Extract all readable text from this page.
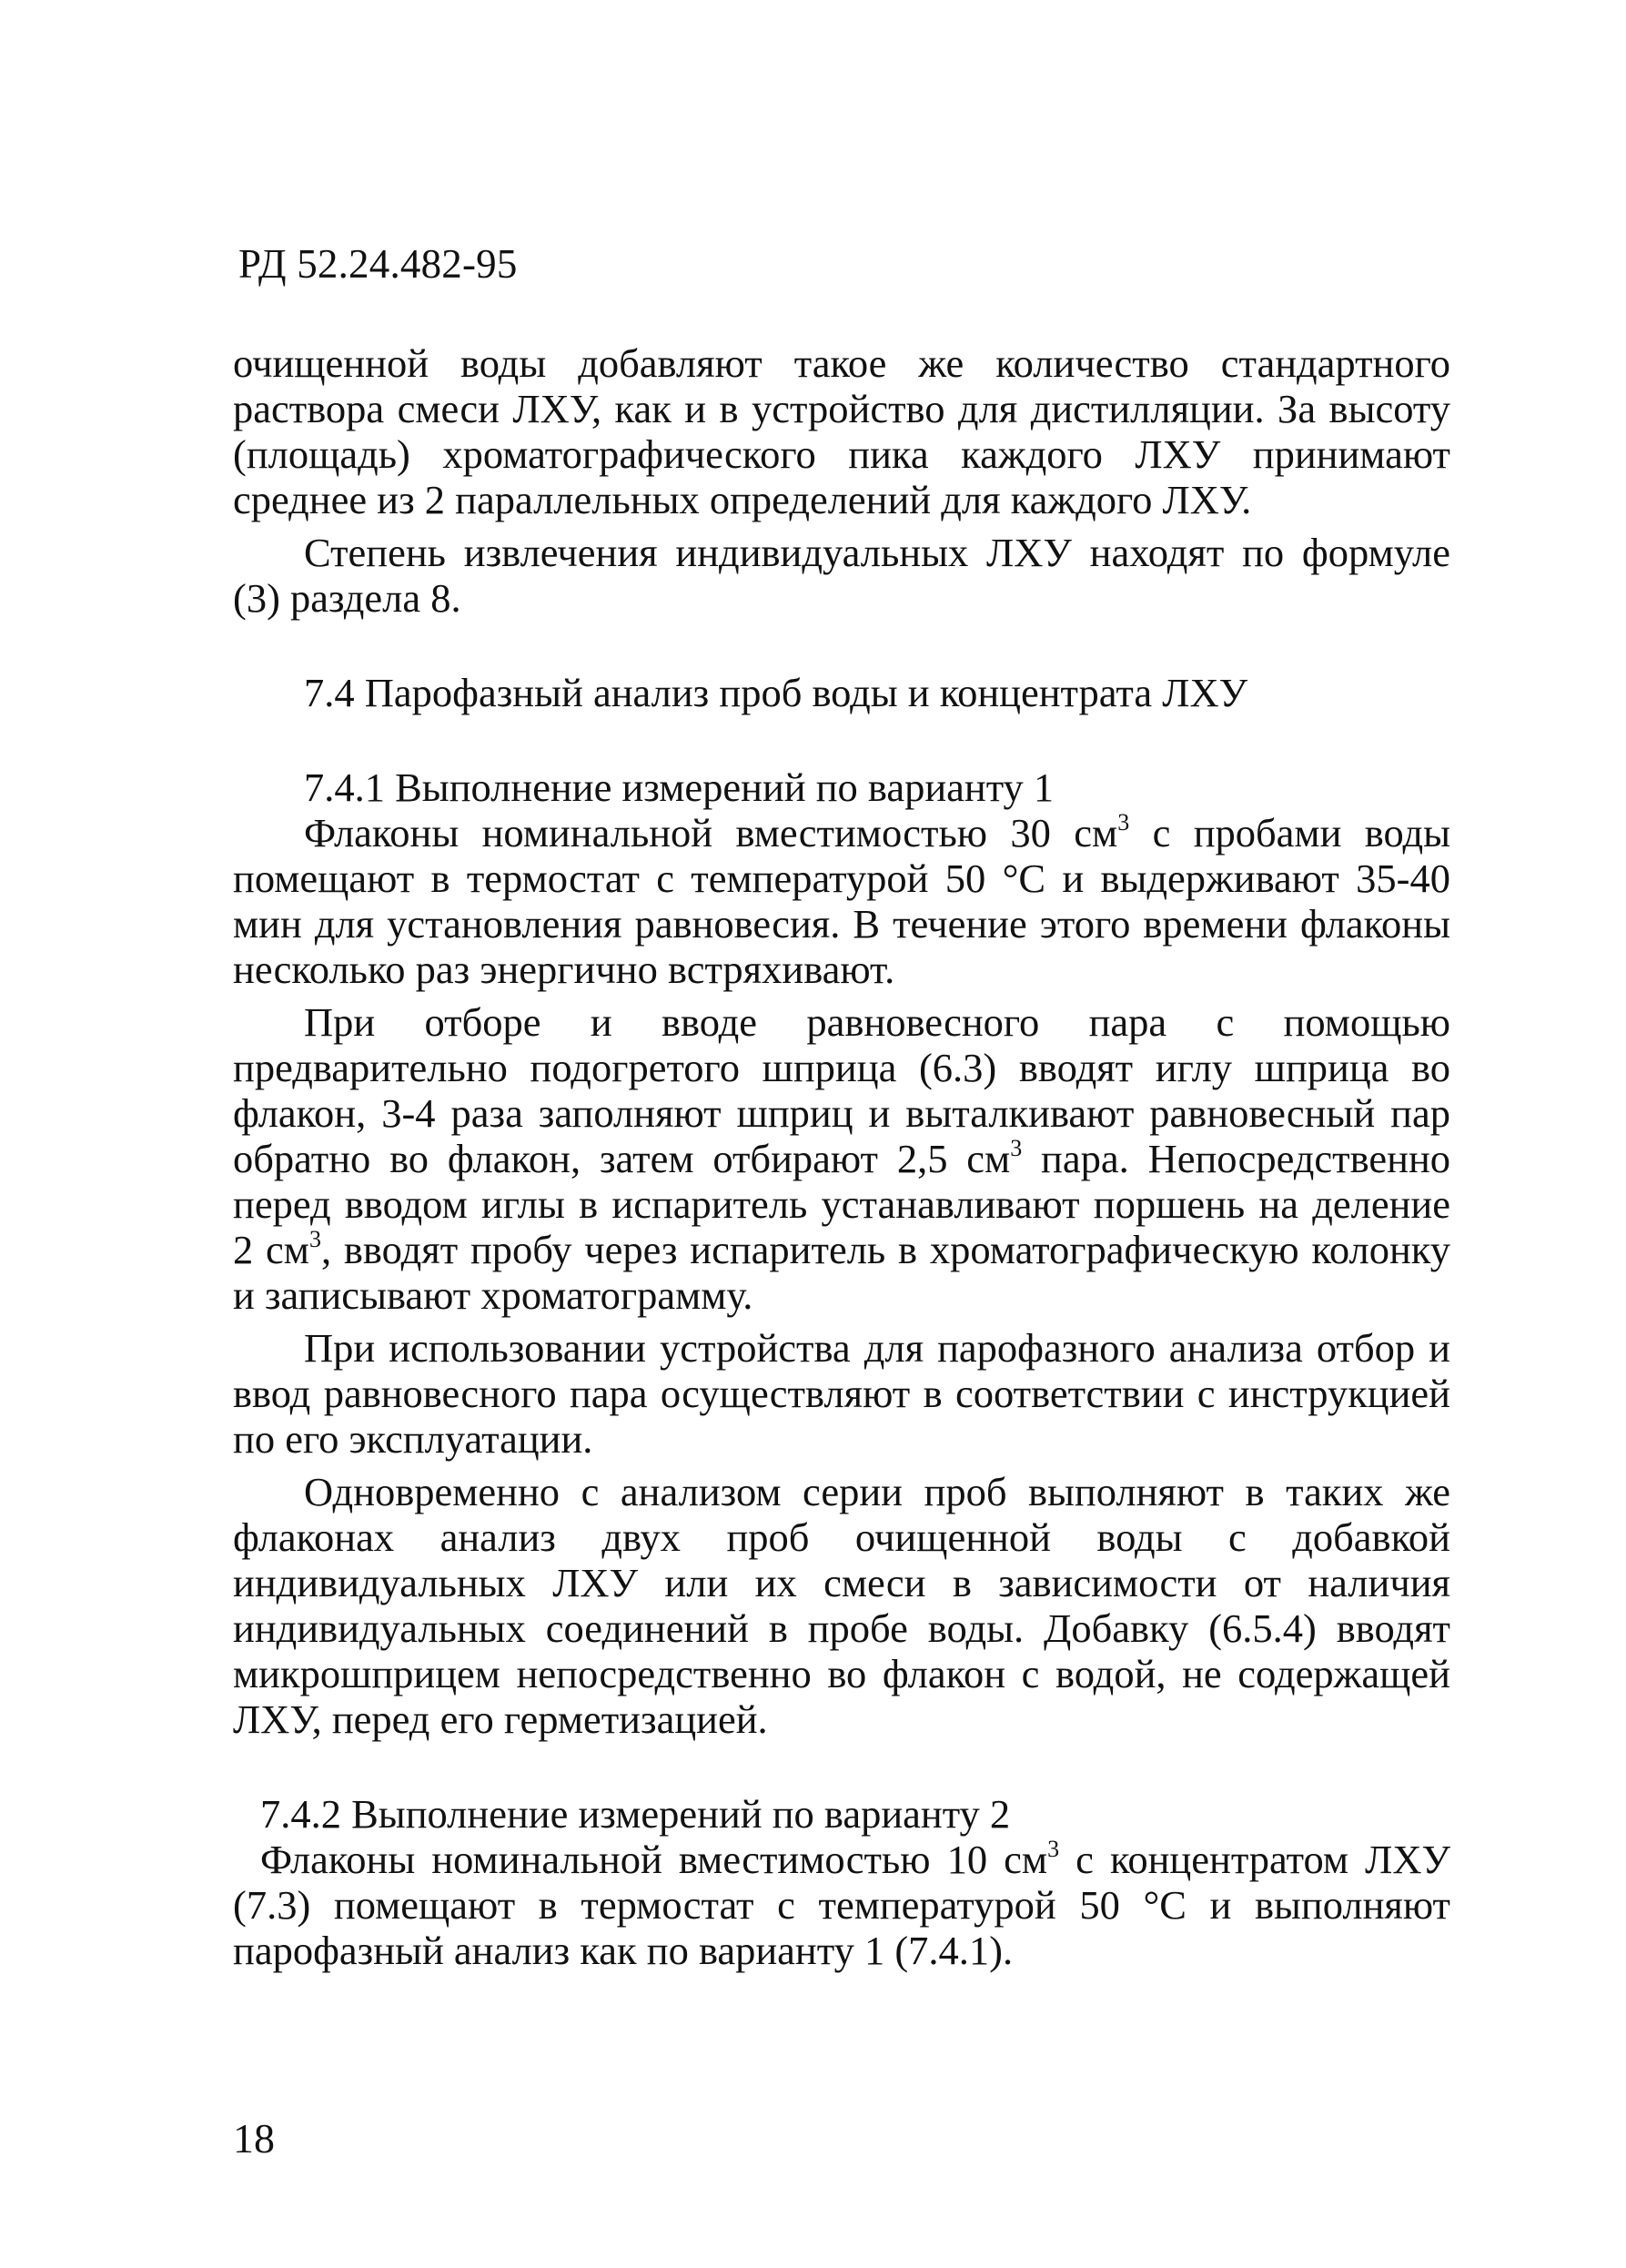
РД 52.24.482-95

очищенной воды добавляют такое же количество стандартного раствора смеси ЛХУ, как и в устройство для дистилляции. За высоту (площадь) хроматографического пика каждого ЛХУ принимают среднее из 2 параллельных определений для каждого ЛХУ.

Степень извлечения индивидуальных ЛХУ находят по формуле (3) раздела 8.

7.4 Парофазный анализ проб воды и концентрата ЛХУ

7.4.1 Выполнение измерений по варианту 1

Флаконы номинальной вместимостью 30 $см^3$ с пробами воды помещают в термостат с температурой 50 °С и выдерживают 35-40 мин для установления равновесия. В течение этого времени флаконы несколько раз энергично встряхивают.

При отборе и вводе равновесного пара с помощью предварительно подогретого шприца (6.3) вводят иглу шприца во флакон, 3-4 раза заполняют шприц и выталкивают равновесный пар обратно во флакон, затем отбирают 2,5 $см^3$ пара. Непосредственно перед вводом иглы в испаритель устанавливают поршень на деление 2 $см^3$, вводят пробу через испаритель в хроматографическую колонку и записывают хроматограмму.

При использовании устройства для парофазного анализа отбор и ввод равновесного пара осуществляют в соответствии с инструкцией по его эксплуатации.

Одновременно с анализом серии проб выполняют в таких же флаконах анализ двух проб очищенной воды с добавкой индивидуальных ЛХУ или их смеси в зависимости от наличия индивидуальных соединений в пробе воды. Добавку (6.5.4) вводят микрошприцем непосредственно во флакон с водой, не содержащей ЛХУ, перед его герметизацией.

7.4.2 Выполнение измерений по варианту 2

Флаконы номинальной вместимостью 10 $см^3$ с концентратом ЛХУ (7.3) помещают в термостат с температурой 50 °С и выполняют парофазный анализ как по варианту 1 (7.4.1).

18
